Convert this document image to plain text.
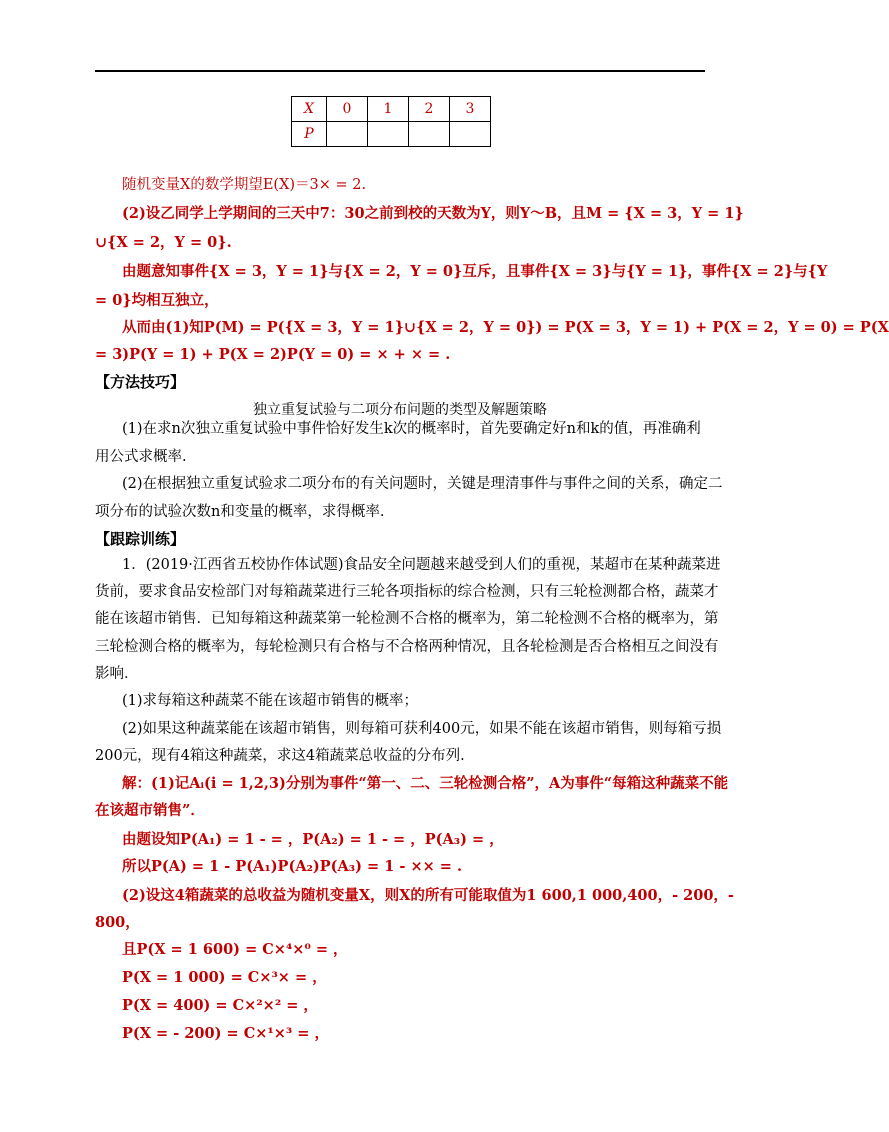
X	0	1	2	3
P				
随机变量X的数学期望E(X)＝3× = 2.
(2)设乙同学上学期间的三天中7：30之前到校的天数为Y，则Y～B，且M = {X = 3，Y = 1}
∪{X = 2，Y = 0}.
由题意知事件{X = 3，Y = 1}与{X = 2，Y = 0}互斥，且事件{X = 3}与{Y = 1}，事件{X = 2}与{Y
= 0}均相互独立，
从而由(1)知P(M) = P({X = 3，Y = 1}∪{X = 2，Y = 0}) = P(X = 3，Y = 1) + P(X = 2，Y = 0) = P(X
= 3)P(Y = 1) + P(X = 2)P(Y = 0) = × + × = .
【方法技巧】
独立重复试验与二项分布问题的类型及解题策略
(1)在求n次独立重复试验中事件恰好发生k次的概率时，首先要确定好n和k的值，再准确利
用公式求概率.
(2)在根据独立重复试验求二项分布的有关问题时，关键是理清事件与事件之间的关系，确定二
项分布的试验次数n和变量的概率，求得概率.
【跟踪训练】
1．(2019·江西省五校协作体试题)食品安全问题越来越受到人们的重视，某超市在某种蔬菜进
货前，要求食品安检部门对每箱蔬菜进行三轮各项指标的综合检测，只有三轮检测都合格，蔬菜才
能在该超市销售．已知每箱这种蔬菜第一轮检测不合格的概率为，第二轮检测不合格的概率为，第
三轮检测合格的概率为，每轮检测只有合格与不合格两种情况，且各轮检测是否合格相互之间没有
影响．
(1)求每箱这种蔬菜不能在该超市销售的概率；
(2)如果这种蔬菜能在该超市销售，则每箱可获利400元，如果不能在该超市销售，则每箱亏损
200元，现有4箱这种蔬菜，求这4箱蔬菜总收益的分布列.
解：(1)记Aᵢ(i = 1,2,3)分别为事件“第一、二、三轮检测合格”，A为事件“每箱这种蔬菜不能
在该超市销售”．
由题设知P(A₁) = 1 - = ，P(A₂) = 1 - = ，P(A₃) = ，
所以P(A) = 1 - P(A₁)P(A₂)P(A₃) = 1 - ×× = .
(2)设这4箱蔬菜的总收益为随机变量X，则X的所有可能取值为1 600,1 000,400，- 200，-
800，
且P(X = 1 600) = C×⁴×⁰ = ，
P(X = 1 000) = C×³× = ，
P(X = 400) = C×²×² = ，
P(X = - 200) = C×¹×³ = ，
